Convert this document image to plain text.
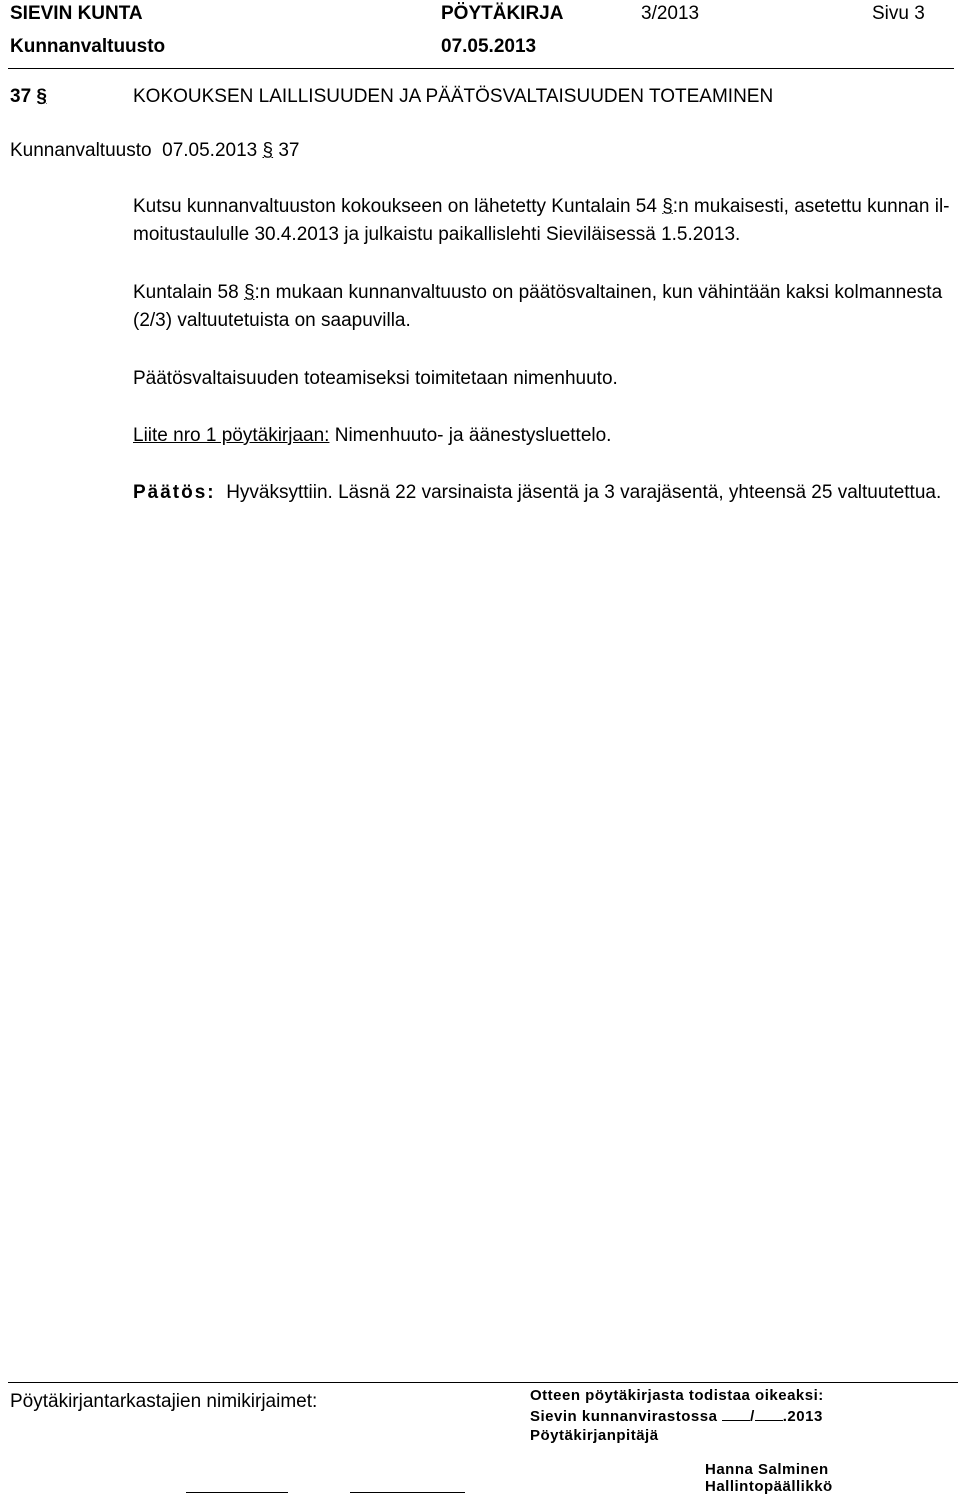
SIEVIN KUNTA	PÖYTÄKIRJA	3/2013	Sivu 3
Kunnanvaltuusto	07.05.2013
37 §	KOKOUKSEN LAILLISUUDEN JA PÄÄTÖSVALTAISUUDEN TOTEAMINEN
Kunnanvaltuusto 07.05.2013 § 37
Kutsu kunnanvaltuuston kokoukseen on lähetetty Kuntalain 54 §:n mukaisesti, asetettu kunnan il-
moitustaululle 30.4.2013 ja julkaistu paikallislehti Sieviläisessä 1.5.2013.
Kuntalain 58 §:n mukaan kunnanvaltuusto on päätösvaltainen, kun vähintään kaksi kolmannesta
(2/3) valtuutetuista on saapuvilla.
Päätösvaltaisuuden toteamiseksi toimitetaan nimenhuuto.
Liite nro 1 pöytäkirjaan: Nimenhuuto- ja äänestysluettelo.
Päätös: Hyväksyttiin. Läsnä 22 varsinaista jäsentä ja 3 varajäsentä, yhteensä 25 valtuutettua.
Pöytäkirjantarkastajien nimikirjaimet:	Otteen pöytäkirjasta todistaa oikeaksi:
Sievin kunnanvirastossa / .2013
Pöytäkirjanpitäjä
Hanna Salminen
Hallintopäällikkö
